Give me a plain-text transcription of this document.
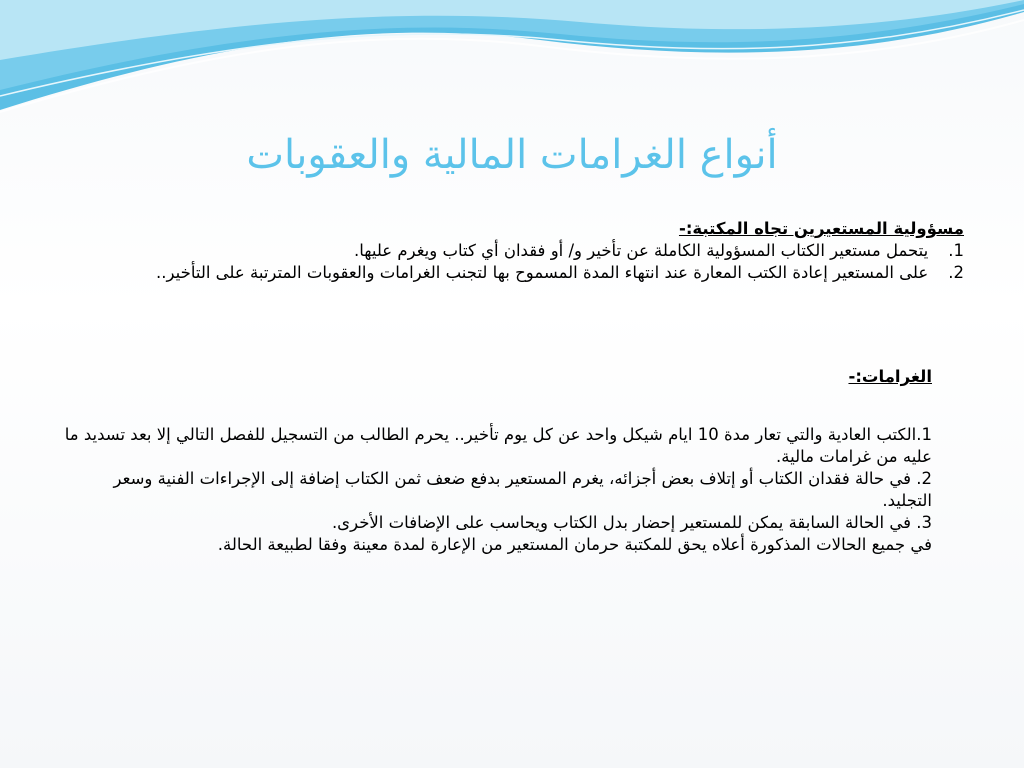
أنواع الغرامات المالية والعقوبات
مسؤولية المستعيرين تجاه المكتبة:-
1.يتحمل مستعير الكتاب المسؤولية الكاملة عن تأخير و/ أو فقدان أي كتاب ويغرم عليها.
2.على المستعير إعادة الكتب المعارة عند انتهاء المدة المسموح بها لتجنب الغرامات والعقوبات المترتبة على التأخير..
الغرامات:-
1.الكتب العادية والتي تعار مدة 10 ايام شيكل واحد عن كل يوم تأخير.. يحرم الطالب من التسجيل للفصل التالي إلا بعد تسديد ما عليه من غرامات مالية.
2. في حالة فقدان الكتاب أو إتلاف بعض أجزائه، يغرم المستعير بدفع ضعف ثمن الكتاب إضافة إلى الإجراءات الفنية وسعر التجليد.
3. في الحالة السابقة يمكن للمستعير إحضار بدل الكتاب ويحاسب على الإضافات الأخرى.
في جميع الحالات المذكورة أعلاه يحق للمكتبة حرمان المستعير من الإعارة لمدة معينة وفقا لطبيعة الحالة.
